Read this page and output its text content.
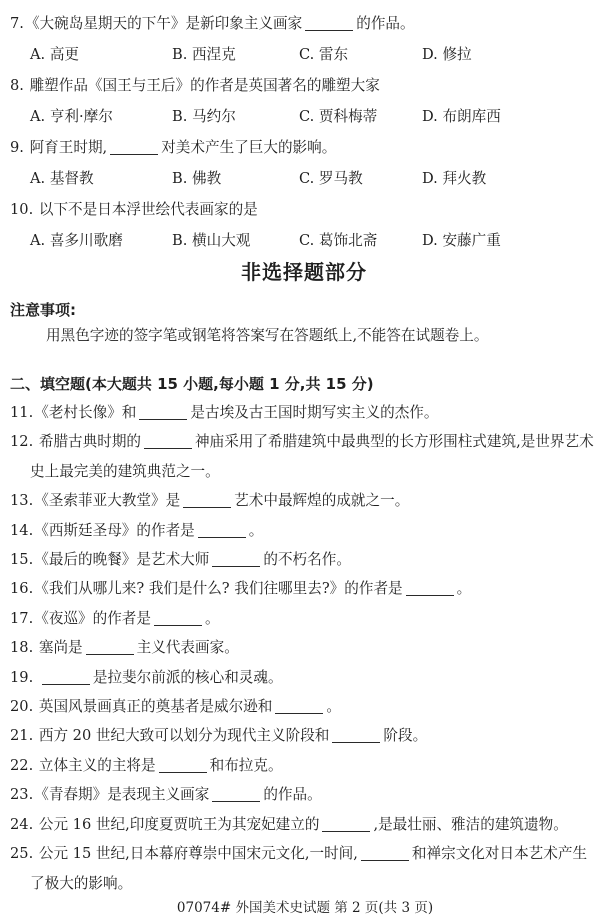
7.《大碗岛星期天的下午》是新印象主义画家	的作品。
A. 高更	B. 西涅克	C. 雷东	D. 修拉
8. 雕塑作品《国王与王后》的作者是英国著名的雕塑大家
A. 亨利·摩尔	B. 马约尔	C. 贾科梅蒂	D. 布朗库西
9. 阿育王时期,	对美术产生了巨大的影响。
A. 基督教	B. 佛教	C. 罗马教	D. 拜火教
10. 以下不是日本浮世绘代表画家的是
A. 喜多川歌磨	B. 横山大观	C. 葛饰北斋	D. 安藤广重
非选择题部分
注意事项:
用黑色字迹的签字笔或钢笔将答案写在答题纸上,不能答在试题卷上。
二、填空题(本大题共 15 小题,每小题 1 分,共 15 分)
11.《老村长像》和	是古埃及古王国时期写实主义的杰作。
12. 希腊古典时期的	神庙采用了希腊建筑中最典型的长方形围柱式建筑,是世界艺术史上最完美的建筑典范之一。
13.《圣索菲亚大教堂》是	艺术中最辉煌的成就之一。
14.《西斯廷圣母》的作者是	。
15.《最后的晚餐》是艺术大师	的不朽名作。
16.《我们从哪儿来? 我们是什么? 我们往哪里去?》的作者是	。
17.《夜巡》的作者是	。
18. 塞尚是	主义代表画家。
19.	是拉斐尔前派的核心和灵魂。
20. 英国风景画真正的奠基者是威尔逊和	。
21. 西方 20 世纪大致可以划分为现代主义阶段和	阶段。
22. 立体主义的主将是	和布拉克。
23.《青春期》是表现主义画家	的作品。
24. 公元 16 世纪,印度夏贾吭王为其宠妃建立的	,是最壮丽、雅洁的建筑遗物。
25. 公元 15 世纪,日本幕府尊崇中国宋元文化,一时间,	和禅宗文化对日本艺术产生了极大的影响。
07074# 外国美术史试题 第 2 页(共 3 页)
